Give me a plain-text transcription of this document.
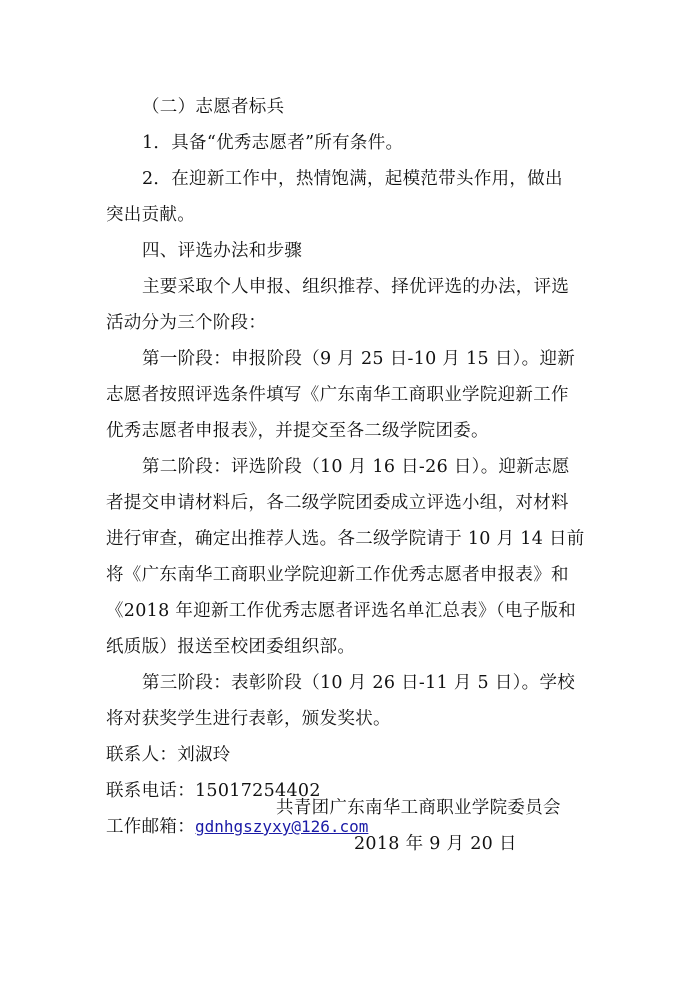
（二）志愿者标兵
1．具备“优秀志愿者”所有条件。
2．在迎新工作中，热情饱满，起模范带头作用，做出
突出贡献。
四、评选办法和步骤
主要采取个人申报、组织推荐、择优评选的办法，评选
活动分为三个阶段：
第一阶段：申报阶段（9 月 25 日-10 月 15 日）。迎新
志愿者按照评选条件填写《广东南华工商职业学院迎新工作
优秀志愿者申报表》，并提交至各二级学院团委。
第二阶段：评选阶段（10 月 16 日-26 日）。迎新志愿
者提交申请材料后，各二级学院团委成立评选小组，对材料
进行审查，确定出推荐人选。各二级学院请于 10 月 14 日前
将《广东南华工商职业学院迎新工作优秀志愿者申报表》和
《2018 年迎新工作优秀志愿者评选名单汇总表》（电子版和
纸质版）报送至校团委组织部。
第三阶段：表彰阶段（10 月 26 日-11 月 5 日）。学校
将对获奖学生进行表彰，颁发奖状。
联系人：刘淑玲
联系电话：15017254402
工作邮箱：gdnhgszyxy@126.com
共青团广东南华工商职业学院委员会
2018 年 9 月 20 日
